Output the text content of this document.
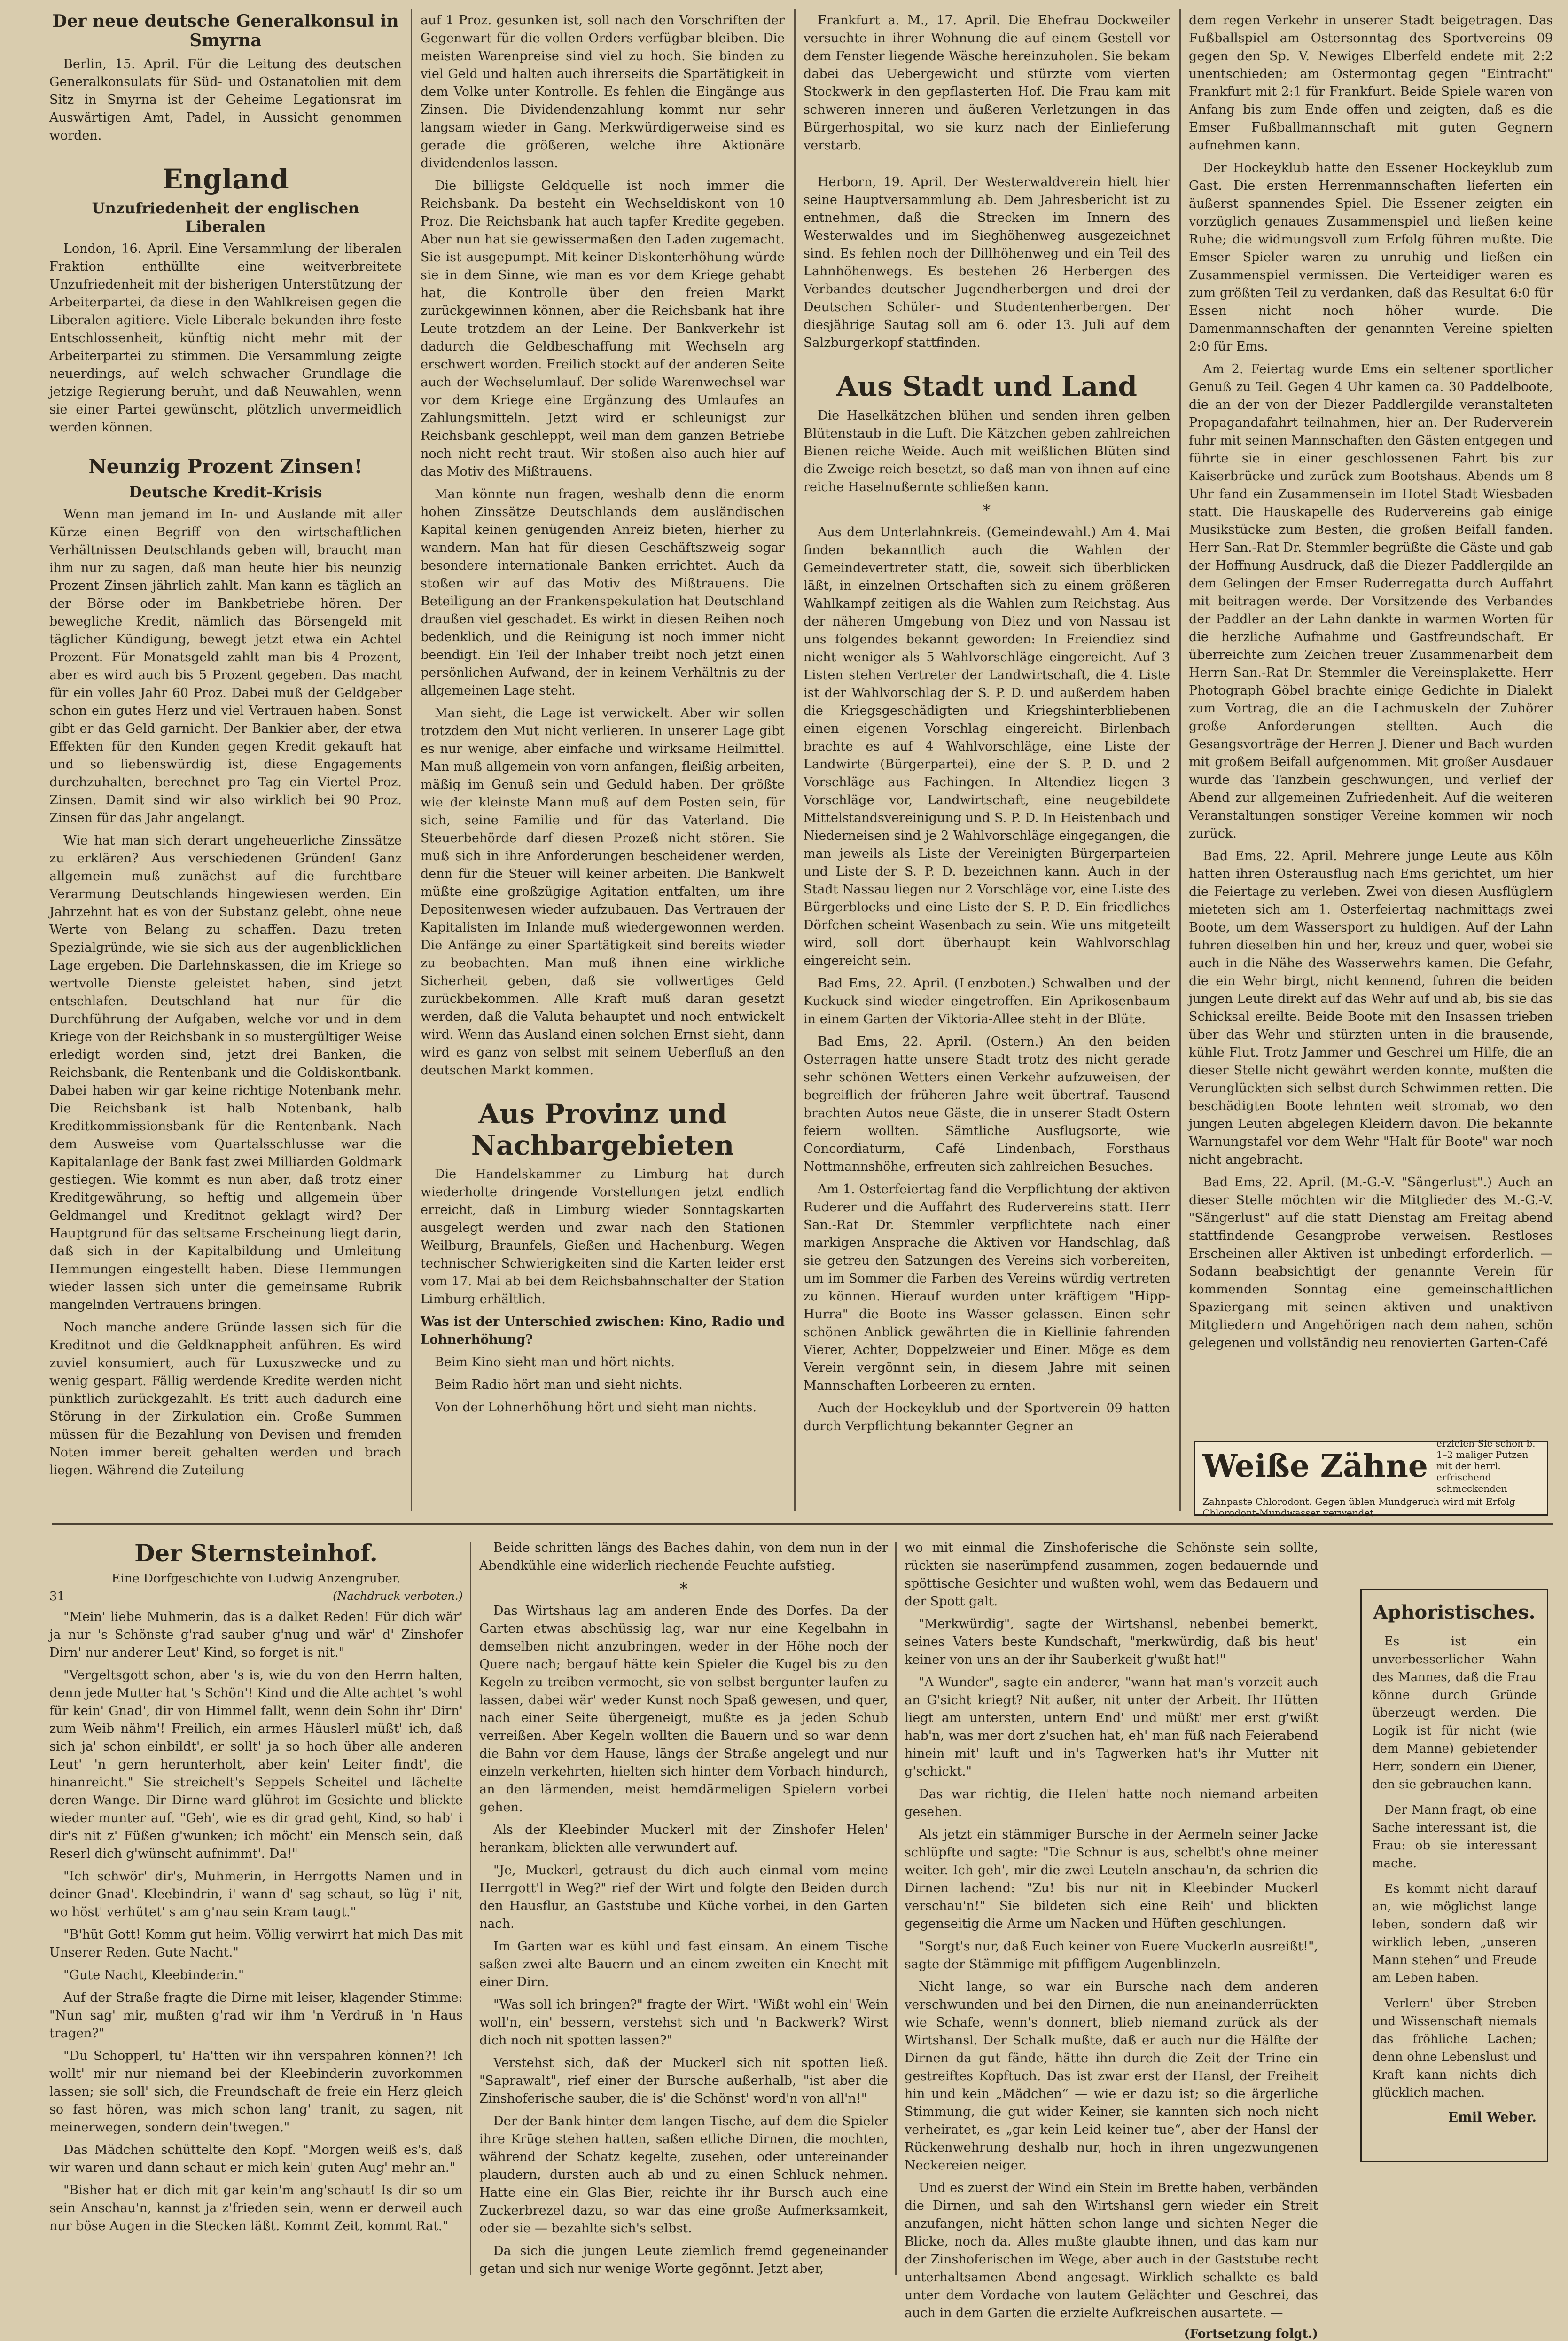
Der neue deutsche Generalkonsul in Smyrna

Berlin, 15. April. Für die Leitung des deutschen Generalkonsulats für Süd- und Ostanatolien mit dem Sitz in Smyrna ist der Geheime Legationsrat im Auswärtigen Amt, Padel, in Aussicht genommen worden.

England
Unzufriedenheit der englischen Liberalen

London, 16. April. Eine Versammlung der liberalen Fraktion enthüllte eine weitverbreitete Unzufriedenheit mit der bisherigen Unterstützung der Arbeiterpartei, da diese in den Wahlkreisen gegen die Liberalen agitiere. Viele Liberale bekunden ihre feste Entschlossenheit, künftig nicht mehr mit der Arbeiterpartei zu stimmen. Die Versammlung zeigte neuerdings, auf welch schwacher Grundlage die jetzige Regierung beruht, und daß Neuwahlen, wenn sie einer Partei gewünscht, plötzlich unvermeidlich werden können.

Neunzig Prozent Zinsen!
Deutsche Kredit-Krisis

Wenn man jemand im In- und Auslande mit aller Kürze einen Begriff von den wirtschaftlichen Verhältnissen Deutschlands geben will, braucht man ihm nur zu sagen, daß man heute hier bis neunzig Prozent Zinsen jährlich zahlt. Man kann es täglich an der Börse oder im Bankbetriebe hören. Der bewegliche Kredit, nämlich das Börsengeld mit täglicher Kündigung, bewegt jetzt etwa ein Achtel Prozent. Für Monatsgeld zahlt man bis 4 Prozent, aber es wird auch bis 5 Prozent gegeben. Das macht für ein volles Jahr 60 Proz. Dabei muß der Geldgeber schon ein gutes Herz und viel Vertrauen haben. Sonst gibt er das Geld garnicht. Der Bankier aber, der etwa Effekten für den Kunden gegen Kredit gekauft hat und so liebenswürdig ist, diese Engagements durchzuhalten, berechnet pro Tag ein Viertel Proz. Zinsen. Damit sind wir also wirklich bei 90 Proz. Zinsen für das Jahr angelangt.

Wie hat man sich derart ungeheuerliche Zinssätze zu erklären? Aus verschiedenen Gründen! Ganz allgemein muß zunächst auf die furchtbare Verarmung Deutschlands hingewiesen werden. Ein Jahrzehnt hat es von der Substanz gelebt, ohne neue Werte von Belang zu schaffen. Dazu treten Spezialgründe, wie sie sich aus der augenblicklichen Lage ergeben. Die Darlehnskassen, die im Kriege so wertvolle Dienste geleistet haben, sind jetzt entschlafen. Deutschland hat nur für die Durchführung der Aufgaben, welche vor und in dem Kriege von der Reichsbank in so mustergültiger Weise erledigt worden sind, jetzt drei Banken, die Reichsbank, die Rentenbank und die Goldiskontbank. Dabei haben wir gar keine richtige Notenbank mehr. Die Reichsbank ist halb Notenbank, halb Kreditkommissionsbank für die Rentenbank. Nach dem Ausweise vom Quartalsschlusse war die Kapitalanlage der Bank fast zwei Milliarden Goldmark gestiegen. Wie kommt es nun aber, daß trotz einer Kreditgewährung, so heftig und allgemein über Geldmangel und Kreditnot geklagt wird? Der Hauptgrund für das seltsame Erscheinung liegt darin, daß sich in der Kapitalbildung und Umleitung Hemmungen eingestellt haben. Diese Hemmungen wieder lassen sich unter die gemeinsame Rubrik mangelnden Vertrauens bringen.

Noch manche andere Gründe lassen sich für die Kreditnot und die Geldknappheit anführen. Es wird zuviel konsumiert, auch für Luxuszwecke und zu wenig gespart. Fällig werdende Kredite werden nicht pünktlich zurückgezahlt. Es tritt auch dadurch eine Störung in der Zirkulation ein. Große Summen müssen für die Bezahlung von Devisen und fremden Noten immer bereit gehalten werden und brach liegen. Während die Zuteilung

auf 1 Proz. gesunken ist, soll nach den Vorschriften der Gegenwart für die vollen Orders verfügbar bleiben. Die meisten Warenpreise sind viel zu hoch. Sie binden zu viel Geld und halten auch ihrerseits die Spartätigkeit in dem Volke unter Kontrolle. Es fehlen die Eingänge aus Zinsen. Die Dividendenzahlung kommt nur sehr langsam wieder in Gang. Merkwürdigerweise sind es gerade die größeren, welche ihre Aktionäre dividendenlos lassen.

Die billigste Geldquelle ist noch immer die Reichsbank. Da besteht ein Wechseldiskont von 10 Proz. Die Reichsbank hat auch tapfer Kredite gegeben. Aber nun hat sie gewissermaßen den Laden zugemacht. Sie ist ausgepumpt. Mit keiner Diskonterhöhung würde sie in dem Sinne, wie man es vor dem Kriege gehabt hat, die Kontrolle über den freien Markt zurückgewinnen können, aber die Reichsbank hat ihre Leute trotzdem an der Leine. Der Bankverkehr ist dadurch die Geldbeschaffung mit Wechseln arg erschwert worden. Freilich stockt auf der anderen Seite auch der Wechselumlauf. Der solide Warenwechsel war vor dem Kriege eine Ergänzung des Umlaufes an Zahlungsmitteln. Jetzt wird er schleunigst zur Reichsbank geschleppt, weil man dem ganzen Betriebe noch nicht recht traut. Wir stoßen also auch hier auf das Motiv des Mißtrauens.

Man könnte nun fragen, weshalb denn die enorm hohen Zinssätze Deutschlands dem ausländischen Kapital keinen genügenden Anreiz bieten, hierher zu wandern. Man hat für diesen Geschäftszweig sogar besondere internationale Banken errichtet. Auch da stoßen wir auf das Motiv des Mißtrauens. Die Beteiligung an der Frankenspekulation hat Deutschland draußen viel geschadet. Es wirkt in diesen Reihen noch bedenklich, und die Reinigung ist noch immer nicht beendigt. Ein Teil der Inhaber treibt noch jetzt einen persönlichen Aufwand, der in keinem Verhältnis zu der allgemeinen Lage steht.

Man sieht, die Lage ist verwickelt. Aber wir sollen trotzdem den Mut nicht verlieren. In unserer Lage gibt es nur wenige, aber einfache und wirksame Heilmittel. Man muß allgemein von vorn anfangen, fleißig arbeiten, mäßig im Genuß sein und Geduld haben. Der größte wie der kleinste Mann muß auf dem Posten sein, für sich, seine Familie und für das Vaterland. Die Steuerbehörde darf diesen Prozeß nicht stören. Sie muß sich in ihre Anforderungen bescheidener werden, denn für die Steuer will keiner arbeiten. Die Bankwelt müßte eine großzügige Agitation entfalten, um ihre Depositenwesen wieder aufzubauen. Das Vertrauen der Kapitalisten im Inlande muß wiedergewonnen werden. Die Anfänge zu einer Spartätigkeit sind bereits wieder zu beobachten. Man muß ihnen eine wirkliche Sicherheit geben, daß sie vollwertiges Geld zurückbekommen. Alle Kraft muß daran gesetzt werden, daß die Valuta behauptet und noch entwickelt wird. Wenn das Ausland einen solchen Ernst sieht, dann wird es ganz von selbst mit seinem Ueberfluß an den deutschen Markt kommen.

Aus Provinz und Nachbargebieten

Die Handelskammer zu Limburg hat durch wiederholte dringende Vorstellungen jetzt endlich erreicht, daß in Limburg wieder Sonntagskarten ausgelegt werden und zwar nach den Stationen Weilburg, Braunfels, Gießen und Hachenburg. Wegen technischer Schwierigkeiten sind die Karten leider erst vom 17. Mai ab bei dem Reichsbahnschalter der Station Limburg erhältlich.

Was ist der Unterschied zwischen: Kino, Radio und Lohnerhöhung?

Beim Kino sieht man und hört nichts.

Beim Radio hört man und sieht nichts.

Von der Lohnerhöhung hört und sieht man nichts.

Frankfurt a. M., 17. April. Die Ehefrau Dockweiler versuchte in ihrer Wohnung die auf einem Gestell vor dem Fenster liegende Wäsche hereinzuholen. Sie bekam dabei das Uebergewicht und stürzte vom vierten Stockwerk in den gepflasterten Hof. Die Frau kam mit schweren inneren und äußeren Verletzungen in das Bürgerhospital, wo sie kurz nach der Einlieferung verstarb.

Herborn, 19. April. Der Westerwaldverein hielt hier seine Hauptversammlung ab. Dem Jahresbericht ist zu entnehmen, daß die Strecken im Innern des Westerwaldes und im Sieghöhenweg ausgezeichnet sind. Es fehlen noch der Dillhöhenweg und ein Teil des Lahnhöhenwegs. Es bestehen 26 Herbergen des Verbandes deutscher Jugendherbergen und drei der Deutschen Schüler- und Studentenherbergen. Der diesjährige Sautag soll am 6. oder 13. Juli auf dem Salzburgerkopf stattfinden.

Aus Stadt und Land

Die Haselkätzchen blühen und senden ihren gelben Blütenstaub in die Luft. Die Kätzchen geben zahlreichen Bienen reiche Weide. Auch mit weißlichen Blüten sind die Zweige reich besetzt, so daß man von ihnen auf eine reiche Haselnußernte schließen kann.

*

Aus dem Unterlahnkreis. (Gemeindewahl.) Am 4. Mai finden bekanntlich auch die Wahlen der Gemeindevertreter statt, die, soweit sich überblicken läßt, in einzelnen Ortschaften sich zu einem größeren Wahlkampf zeitigen als die Wahlen zum Reichstag. Aus der näheren Umgebung von Diez und von Nassau ist uns folgendes bekannt geworden: In Freiendiez sind nicht weniger als 5 Wahlvorschläge eingereicht. Auf 3 Listen stehen Vertreter der Landwirtschaft, die 4. Liste ist der Wahlvorschlag der S. P. D. und außerdem haben die Kriegsgeschädigten und Kriegshinterbliebenen einen eigenen Vorschlag eingereicht. Birlenbach brachte es auf 4 Wahlvorschläge, eine Liste der Landwirte (Bürgerpartei), eine der S. P. D. und 2 Vorschläge aus Fachingen. In Altendiez liegen 3 Vorschläge vor, Landwirtschaft, eine neugebildete Mittelstandsvereinigung und S. P. D. In Heistenbach und Niederneisen sind je 2 Wahlvorschläge eingegangen, die man jeweils als Liste der Vereinigten Bürgerparteien und Liste der S. P. D. bezeichnen kann. Auch in der Stadt Nassau liegen nur 2 Vorschläge vor, eine Liste des Bürgerblocks und eine Liste der S. P. D. Ein friedliches Dörfchen scheint Wasenbach zu sein. Wie uns mitgeteilt wird, soll dort überhaupt kein Wahlvorschlag eingereicht sein.

Bad Ems, 22. April. (Lenzboten.) Schwalben und der Kuckuck sind wieder eingetroffen. Ein Aprikosenbaum in einem Garten der Viktoria-Allee steht in der Blüte.

Bad Ems, 22. April. (Ostern.) An den beiden Osterragen hatte unsere Stadt trotz des nicht gerade sehr schönen Wetters einen Verkehr aufzuweisen, der begreiflich der früheren Jahre weit übertraf. Tausend brachten Autos neue Gäste, die in unserer Stadt Ostern feiern wollten. Sämtliche Ausflugsorte, wie Concordiaturm, Café Lindenbach, Forsthaus Nottmannshöhe, erfreuten sich zahlreichen Besuches.

Am 1. Osterfeiertag fand die Verpflichtung der aktiven Ruderer und die Auffahrt des Rudervereins statt. Herr San.-Rat Dr. Stemmler verpflichtete nach einer markigen Ansprache die Aktiven vor Handschlag, daß sie getreu den Satzungen des Vereins sich vorbereiten, um im Sommer die Farben des Vereins würdig vertreten zu können. Hierauf wurden unter kräftigem "Hipp-Hurra" die Boote ins Wasser gelassen. Einen sehr schönen Anblick gewährten die in Kiellinie fahrenden Vierer, Achter, Doppelzweier und Einer. Möge es dem Verein vergönnt sein, in diesem Jahre mit seinen Mannschaften Lorbeeren zu ernten.

Auch der Hockeyklub und der Sportverein 09 hatten durch Verpflichtung bekannter Gegner an

dem regen Verkehr in unserer Stadt beigetragen. Das Fußballspiel am Ostersonntag des Sportvereins 09 gegen den Sp. V. Newiges Elberfeld endete mit 2:2 unentschieden; am Ostermontag gegen "Eintracht" Frankfurt mit 2:1 für Frankfurt. Beide Spiele waren von Anfang bis zum Ende offen und zeigten, daß es die Emser Fußballmannschaft mit guten Gegnern aufnehmen kann.

Der Hockeyklub hatte den Essener Hockeyklub zum Gast. Die ersten Herrenmannschaften lieferten ein äußerst spannendes Spiel. Die Essener zeigten ein vorzüglich genaues Zusammenspiel und ließen keine Ruhe; die widmungsvoll zum Erfolg führen mußte. Die Emser Spieler waren zu unruhig und ließen ein Zusammenspiel vermissen. Die Verteidiger waren es zum größten Teil zu verdanken, daß das Resultat 6:0 für Essen nicht noch höher wurde. Die Damenmannschaften der genannten Vereine spielten 2:0 für Ems.

Am 2. Feiertag wurde Ems ein seltener sportlicher Genuß zu Teil. Gegen 4 Uhr kamen ca. 30 Paddelboote, die an der von der Diezer Paddlergilde veranstalteten Propagandafahrt teilnahmen, hier an. Der Ruderverein fuhr mit seinen Mannschaften den Gästen entgegen und führte sie in einer geschlossenen Fahrt bis zur Kaiserbrücke und zurück zum Bootshaus. Abends um 8 Uhr fand ein Zusammensein im Hotel Stadt Wiesbaden statt. Die Hauskapelle des Rudervereins gab einige Musikstücke zum Besten, die großen Beifall fanden. Herr San.-Rat Dr. Stemmler begrüßte die Gäste und gab der Hoffnung Ausdruck, daß die Diezer Paddlergilde an dem Gelingen der Emser Ruderregatta durch Auffahrt mit beitragen werde. Der Vorsitzende des Verbandes der Paddler an der Lahn dankte in warmen Worten für die herzliche Aufnahme und Gastfreundschaft. Er überreichte zum Zeichen treuer Zusammenarbeit dem Herrn San.-Rat Dr. Stemmler die Vereinsplakette. Herr Photograph Göbel brachte einige Gedichte in Dialekt zum Vortrag, die an die Lachmuskeln der Zuhörer große Anforderungen stellten. Auch die Gesangsvorträge der Herren J. Diener und Bach wurden mit großem Beifall aufgenommen. Mit großer Ausdauer wurde das Tanzbein geschwungen, und verlief der Abend zur allgemeinen Zufriedenheit. Auf die weiteren Veranstaltungen sonstiger Vereine kommen wir noch zurück.

Bad Ems, 22. April. Mehrere junge Leute aus Köln hatten ihren Osterausflug nach Ems gerichtet, um hier die Feiertage zu verleben. Zwei von diesen Ausflüglern mieteten sich am 1. Osterfeiertag nachmittags zwei Boote, um dem Wassersport zu huldigen. Auf der Lahn fuhren dieselben hin und her, kreuz und quer, wobei sie auch in die Nähe des Wasserwehrs kamen. Die Gefahr, die ein Wehr birgt, nicht kennend, fuhren die beiden jungen Leute direkt auf das Wehr auf und ab, bis sie das Schicksal ereilte. Beide Boote mit den Insassen trieben über das Wehr und stürzten unten in die brausende, kühle Flut. Trotz Jammer und Geschrei um Hilfe, die an dieser Stelle nicht gewährt werden konnte, mußten die Verunglückten sich selbst durch Schwimmen retten. Die beschädigten Boote lehnten weit stromab, wo den jungen Leuten abgelegen Kleidern davon. Die bekannte Warnungstafel vor dem Wehr "Halt für Boote" war noch nicht angebracht.

Bad Ems, 22. April. (M.-G.-V. "Sängerlust".) Auch an dieser Stelle möchten wir die Mitglieder des M.-G.-V. "Sängerlust" auf die statt Dienstag am Freitag abend stattfindende Gesangprobe verweisen. Restloses Erscheinen aller Aktiven ist unbedingt erforderlich. — Sodann beabsichtigt der genannte Verein für kommenden Sonntag eine gemeinschaftlichen Spaziergang mit seinen aktiven und unaktiven Mitgliedern und Angehörigen nach dem nahen, schön gelegenen und vollständig neu renovierten Garten-Café

Weiße Zähne
erzielen Sie schon b. 1–2 maliger Putzen mit der herrl. erfrischend schmeckenden
Zahnpaste Chlorodont. Gegen üblen Mundgeruch wird mit Erfolg Chlorodont-Mundwasser verwendet.
Der Sternsteinhof.
Eine Dorfgeschichte von Ludwig Anzengruber.
31	(Nachdruck verboten.)

"Mein' liebe Muhmerin, das is a dalket Reden! Für dich wär' ja nur 's Schönste g'rad sauber g'nug und wär' d' Zinshofer Dirn' nur anderer Leut' Kind, so forget is nit."

"Vergeltsgott schon, aber 's is, wie du von den Herrn halten, denn jede Mutter hat 's Schön'! Kind und die Alte achtet 's wohl für kein' Gnad', dir von Himmel fallt, wenn dein Sohn ihr' Dirn' zum Weib nähm'! Freilich, ein armes Häuslerl müßt' ich, daß sich ja' schon einbildt', er sollt' ja so hoch über alle anderen Leut' 'n gern herunterholt, aber kein' Leiter findt', die hinanreicht." Sie streichelt's Seppels Scheitel und lächelte deren Wange. Dir Dirne ward glührot im Gesichte und blickte wieder munter auf. "Geh', wie es dir grad geht, Kind, so hab' i dir's nit z' Füßen g'wunken; ich möcht' ein Mensch sein, daß Reserl dich g'wünscht aufnimmt'. Da!"

"Ich schwör' dir's, Muhmerin, in Herrgotts Namen und in deiner Gnad'. Kleebindrin, i' wann d' sag schaut, so lüg' i' nit, wo höst' verhütet' s am g'nau sein Kram taugt."

"B'hüt Gott! Komm gut heim. Völlig verwirrt hat mich Das mit Unserer Reden. Gute Nacht."

"Gute Nacht, Kleebinderin."

Auf der Straße fragte die Dirne mit leiser, klagender Stimme: "Nun sag' mir, mußten g'rad wir ihm 'n Verdruß in 'n Haus tragen?"

"Du Schopperl, tu' Ha'tten wir ihn verspahren können?! Ich wollt' mir nur niemand bei der Kleebinderin zuvorkommen lassen; sie soll' sich, die Freundschaft de freie ein Herz gleich so fast hören, was mich schon lang' tranit, zu sagen, nit meinerwegen, sondern dein'twegen."

Das Mädchen schüttelte den Kopf. "Morgen weiß es's, daß wir waren und dann schaut er mich kein' guten Aug' mehr an."

"Bisher hat er dich mit gar kein'm ang'schaut! Is dir so um sein Anschau'n, kannst ja z'frieden sein, wenn er derweil auch nur böse Augen in die Stecken läßt. Kommt Zeit, kommt Rat."

Beide schritten längs des Baches dahin, von dem nun in der Abendkühle eine widerlich riechende Feuchte aufstieg.

*

Das Wirtshaus lag am anderen Ende des Dorfes. Da der Garten etwas abschüssig lag, war nur eine Kegelbahn in demselben nicht anzubringen, weder in der Höhe noch der Quere nach; bergauf hätte kein Spieler die Kugel bis zu den Kegeln zu treiben vermocht, sie von selbst bergunter laufen zu lassen, dabei wär' weder Kunst noch Spaß gewesen, und quer, nach einer Seite übergeneigt, mußte es ja jeden Schub verreißen. Aber Kegeln wollten die Bauern und so war denn die Bahn vor dem Hause, längs der Straße angelegt und nur einzeln verkehrten, hielten sich hinter dem Vorbach hindurch, an den lärmenden, meist hemdärmeligen Spielern vorbei gehen.

Als der Kleebinder Muckerl mit der Zinshofer Helen' herankam, blickten alle verwundert auf.

"Je, Muckerl, getraust du dich auch einmal vom meine Herrgott'l in Weg?" rief der Wirt und folgte den Beiden durch den Hausflur, an Gaststube und Küche vorbei, in den Garten nach.

Im Garten war es kühl und fast einsam. An einem Tische saßen zwei alte Bauern und an einem zweiten ein Knecht mit einer Dirn.

"Was soll ich bringen?" fragte der Wirt. "Wißt wohl ein' Wein woll'n, ein' bessern, verstehst sich und 'n Backwerk? Wirst dich noch nit spotten lassen?"

Verstehst sich, daß der Muckerl sich nit spotten ließ. "Saprawalt", rief einer der Bursche außerhalb, "ist aber die Zinshoferische sauber, die is' die Schönst' word'n von all'n!"

Der der Bank hinter dem langen Tische, auf dem die Spieler ihre Krüge stehen hatten, saßen etliche Dirnen, die mochten, während der Schatz kegelte, zusehen, oder untereinander plaudern, dursten auch ab und zu einen Schluck nehmen. Hatte eine ein Glas Bier, reichte ihr ihr Bursch auch eine Zuckerbrezel dazu, so war das eine große Aufmerksamkeit, oder sie — bezahlte sich's selbst.

Da sich die jungen Leute ziemlich fremd gegeneinander getan und sich nur wenige Worte gegönnt. Jetzt aber,

wo mit einmal die Zinshoferische die Schönste sein sollte, rückten sie naserümpfend zusammen, zogen bedauernde und spöttische Gesichter und wußten wohl, wem das Bedauern und der Spott galt.

"Merkwürdig", sagte der Wirtshansl, nebenbei bemerkt, seines Vaters beste Kundschaft, "merkwürdig, daß bis heut' keiner von uns an der ihr Sauberkeit g'wußt hat!"

"A Wunder", sagte ein anderer, "wann hat man's vorzeit auch an G'sicht kriegt? Nit außer, nit unter der Arbeit. Ihr Hütten liegt am untersten, untern End' und müßt' mer erst g'wißt hab'n, was mer dort z'suchen hat, eh' man füß nach Feierabend hinein mit' lauft und in's Tagwerken hat's ihr Mutter nit g'schickt."

Das war richtig, die Helen' hatte noch niemand arbeiten gesehen.

Als jetzt ein stämmiger Bursche in der Aermeln seiner Jacke schlüpfte und sagte: "Die Schnur is aus, schelbt's ohne meiner weiter. Ich geh', mir die zwei Leuteln anschau'n, da schrien die Dirnen lachend: "Zu! bis nur nit in Kleebinder Muckerl verschau'n!" Sie bildeten sich eine Reih' und blickten gegenseitig die Arme um Nacken und Hüften geschlungen.

"Sorgt's nur, daß Euch keiner von Euere Muckerln ausreißt!", sagte der Stämmige mit pfiffigem Augenblinzeln.

Nicht lange, so war ein Bursche nach dem anderen verschwunden und bei den Dirnen, die nun aneinanderrückten wie Schafe, wenn's donnert, blieb niemand zurück als der Wirtshansl. Der Schalk mußte, daß er auch nur die Hälfte der Dirnen da gut fände, hätte ihn durch die Zeit der Trine ein gestreiftes Kopftuch. Das ist zwar erst der Hansl, der Freiheit hin und kein „Mädchen“ — wie er dazu ist; so die ärgerliche Stimmung, die gut wider Keiner, sie kannten sich noch nicht verheiratet, es „gar kein Leid keiner tue“, aber der Hansl der Rückenwehrung deshalb nur, hoch in ihren ungezwungenen Neckereien neiger.

Und es zuerst der Wind ein Stein im Brette haben, verbänden die Dirnen, und sah den Wirtshansl gern wieder ein Streit anzufangen, nicht hätten schon lange und sichten Neger die Blicke, noch da. Alles mußte glaubte ihnen, und das kam nur der Zinshoferischen im Wege, aber auch in der Gaststube recht unterhaltsamen Abend angesagt. Wirklich schalkte es bald unter dem Vordache von lautem Gelächter und Geschrei, das auch in dem Garten die erzielte Aufkreischen ausartete. —

(Fortsetzung folgt.)
Aphoristisches.

Es ist ein unverbesserlicher Wahn des Mannes, daß die Frau könne durch Gründe überzeugt werden. Die Logik ist für nicht (wie dem Manne) gebietender Herr, sondern ein Diener, den sie gebrauchen kann.

Der Mann fragt, ob eine Sache interessant ist, die Frau: ob sie interessant mache.

Es kommt nicht darauf an, wie möglichst lange leben, sondern daß wir wirklich leben, „unseren Mann stehen“ und Freude am Leben haben.

Verlern' über Streben und Wissenschaft niemals das fröhliche Lachen; denn ohne Lebenslust und Kraft kann nichts dich glücklich machen.

Emil Weber.
